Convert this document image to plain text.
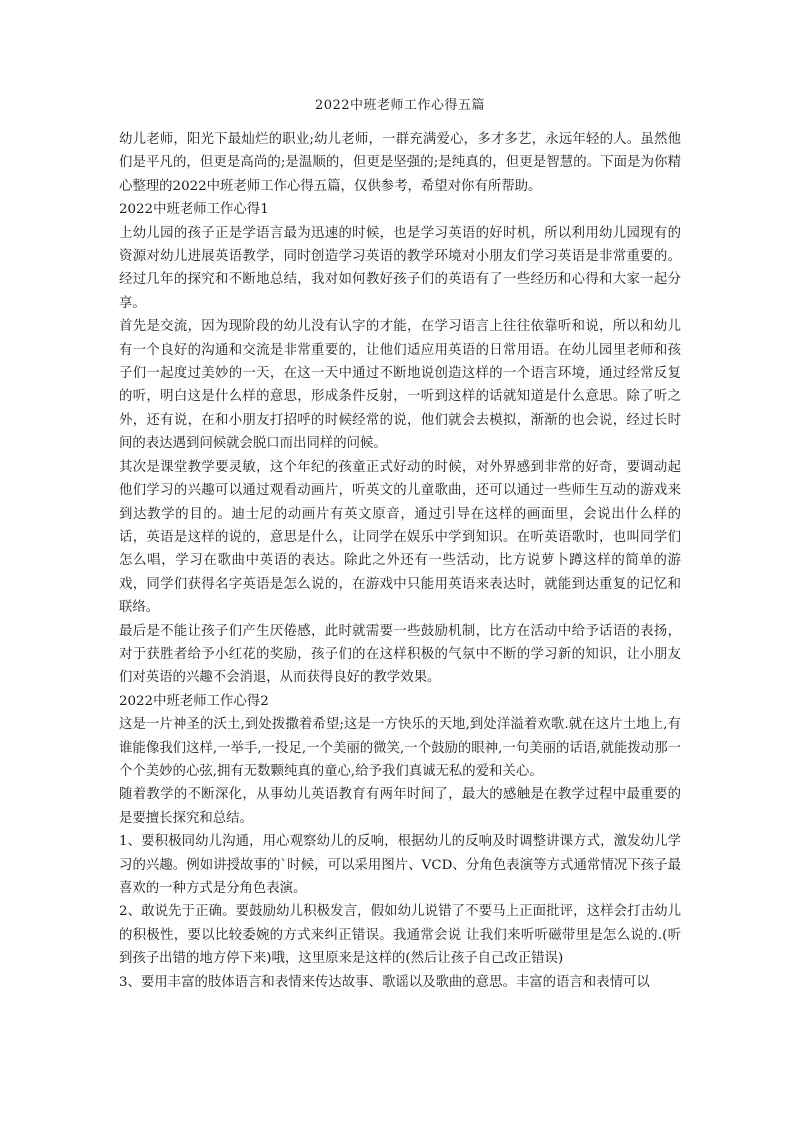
2022中班老师工作心得五篇

幼儿老师，阳光下最灿烂的职业;幼儿老师，一群充满爱心，多才多艺，永远年轻的人。虽然他们是平凡的，但更是高尚的;是温顺的，但更是坚强的;是纯真的，但更是智慧的。下面是为你精心整理的2022中班老师工作心得五篇，仅供参考，希望对你有所帮助。

2022中班老师工作心得1

上幼儿园的孩子正是学语言最为迅速的时候，也是学习英语的好时机，所以利用幼儿园现有的资源对幼儿进展英语教学，同时创造学习英语的教学环境对小朋友们学习英语是非常重要的。经过几年的探究和不断地总结，我对如何教好孩子们的英语有了一些经历和心得和大家一起分享。

首先是交流，因为现阶段的幼儿没有认字的才能，在学习语言上往往依靠听和说，所以和幼儿有一个良好的沟通和交流是非常重要的，让他们适应用英语的日常用语。在幼儿园里老师和孩子们一起度过美妙的一天，在这一天中通过不断地说创造这样的一个语言环境，通过经常反复的听，明白这是什么样的意思，形成条件反射，一听到这样的话就知道是什么意思。除了听之外，还有说，在和小朋友打招呼的时候经常的说，他们就会去模拟，渐渐的也会说，经过长时间的表达遇到问候就会脱口而出同样的问候。

其次是课堂教学要灵敏，这个年纪的孩童正式好动的时候，对外界感到非常的好奇，要调动起他们学习的兴趣可以通过观看动画片，听英文的儿童歌曲，还可以通过一些师生互动的游戏来到达教学的目的。迪士尼的动画片有英文原音，通过引导在这样的画面里，会说出什么样的话，英语是这样的说的，意思是什么，让同学在娱乐中学到知识。在听英语歌时，也叫同学们怎么唱，学习在歌曲中英语的表达。除此之外还有一些活动，比方说萝卜蹲这样的简单的游戏，同学们获得名字英语是怎么说的，在游戏中只能用英语来表达时，就能到达重复的记忆和联络。

最后是不能让孩子们产生厌倦感，此时就需要一些鼓励机制，比方在活动中给予话语的表扬，对于获胜者给予小红花的奖励，孩子们的在这样积极的气氛中不断的学习新的知识，让小朋友们对英语的兴趣不会消退，从而获得良好的教学效果。

2022中班老师工作心得2

这是一片神圣的沃土,到处拨撒着希望;这是一方快乐的天地,到处洋溢着欢歌.就在这片土地上,有谁能像我们这样,一举手,一投足,一个美丽的微笑,一个鼓励的眼神,一句美丽的话语,就能拨动那一个个美妙的心弦,拥有无数颗纯真的童心,给予我们真诚无私的爱和关心。

随着教学的不断深化，从事幼儿英语教育有两年时间了，最大的感触是在教学过程中最重要的是要擅长探究和总结。

1、要积极同幼儿沟通，用心观察幼儿的反响，根据幼儿的反响及时调整讲课方式，激发幼儿学习的兴趣。例如讲授故事的`时候，可以采用图片、VCD、分角色表演等方式通常情况下孩子最喜欢的一种方式是分角色表演。

2、敢说先于正确。要鼓励幼儿积极发言，假如幼儿说错了不要马上正面批评，这样会打击幼儿的积极性，要以比较委婉的方式来纠正错误。我通常会说 让我们来听听磁带里是怎么说的.(听到孩子出错的地方停下来)哦，这里原来是这样的(然后让孩子自己改正错误)

3、要用丰富的肢体语言和表情来传达故事、歌谣以及歌曲的意思。丰富的语言和表情可以
